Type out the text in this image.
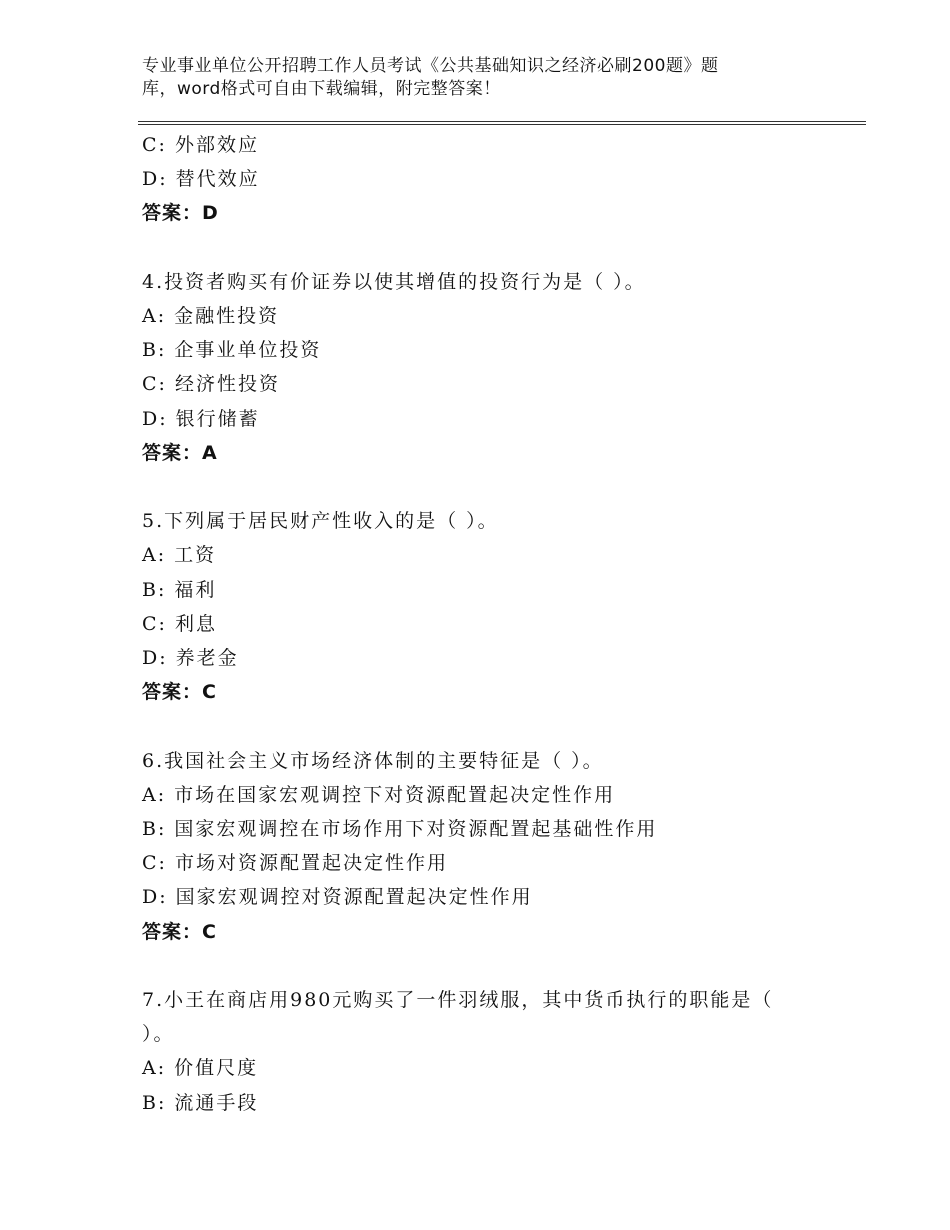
专业事业单位公开招聘工作人员考试《公共基础知识之经济必刷200题》题
库，word格式可自由下载编辑，附完整答案！
C: 外部效应
D: 替代效应
答案：D
4.投资者购买有价证券以使其增值的投资行为是（ ）。
A: 金融性投资
B: 企事业单位投资
C: 经济性投资
D: 银行储蓄
答案：A
5.下列属于居民财产性收入的是（ ）。
A: 工资
B: 福利
C: 利息
D: 养老金
答案：C
6.我国社会主义市场经济体制的主要特征是（ ）。
A: 市场在国家宏观调控下对资源配置起决定性作用
B: 国家宏观调控在市场作用下对资源配置起基础性作用
C: 市场对资源配置起决定性作用
D: 国家宏观调控对资源配置起决定性作用
答案：C
7.小王在商店用980元购买了一件羽绒服，其中货币执行的职能是（
）。
A: 价值尺度
B: 流通手段
